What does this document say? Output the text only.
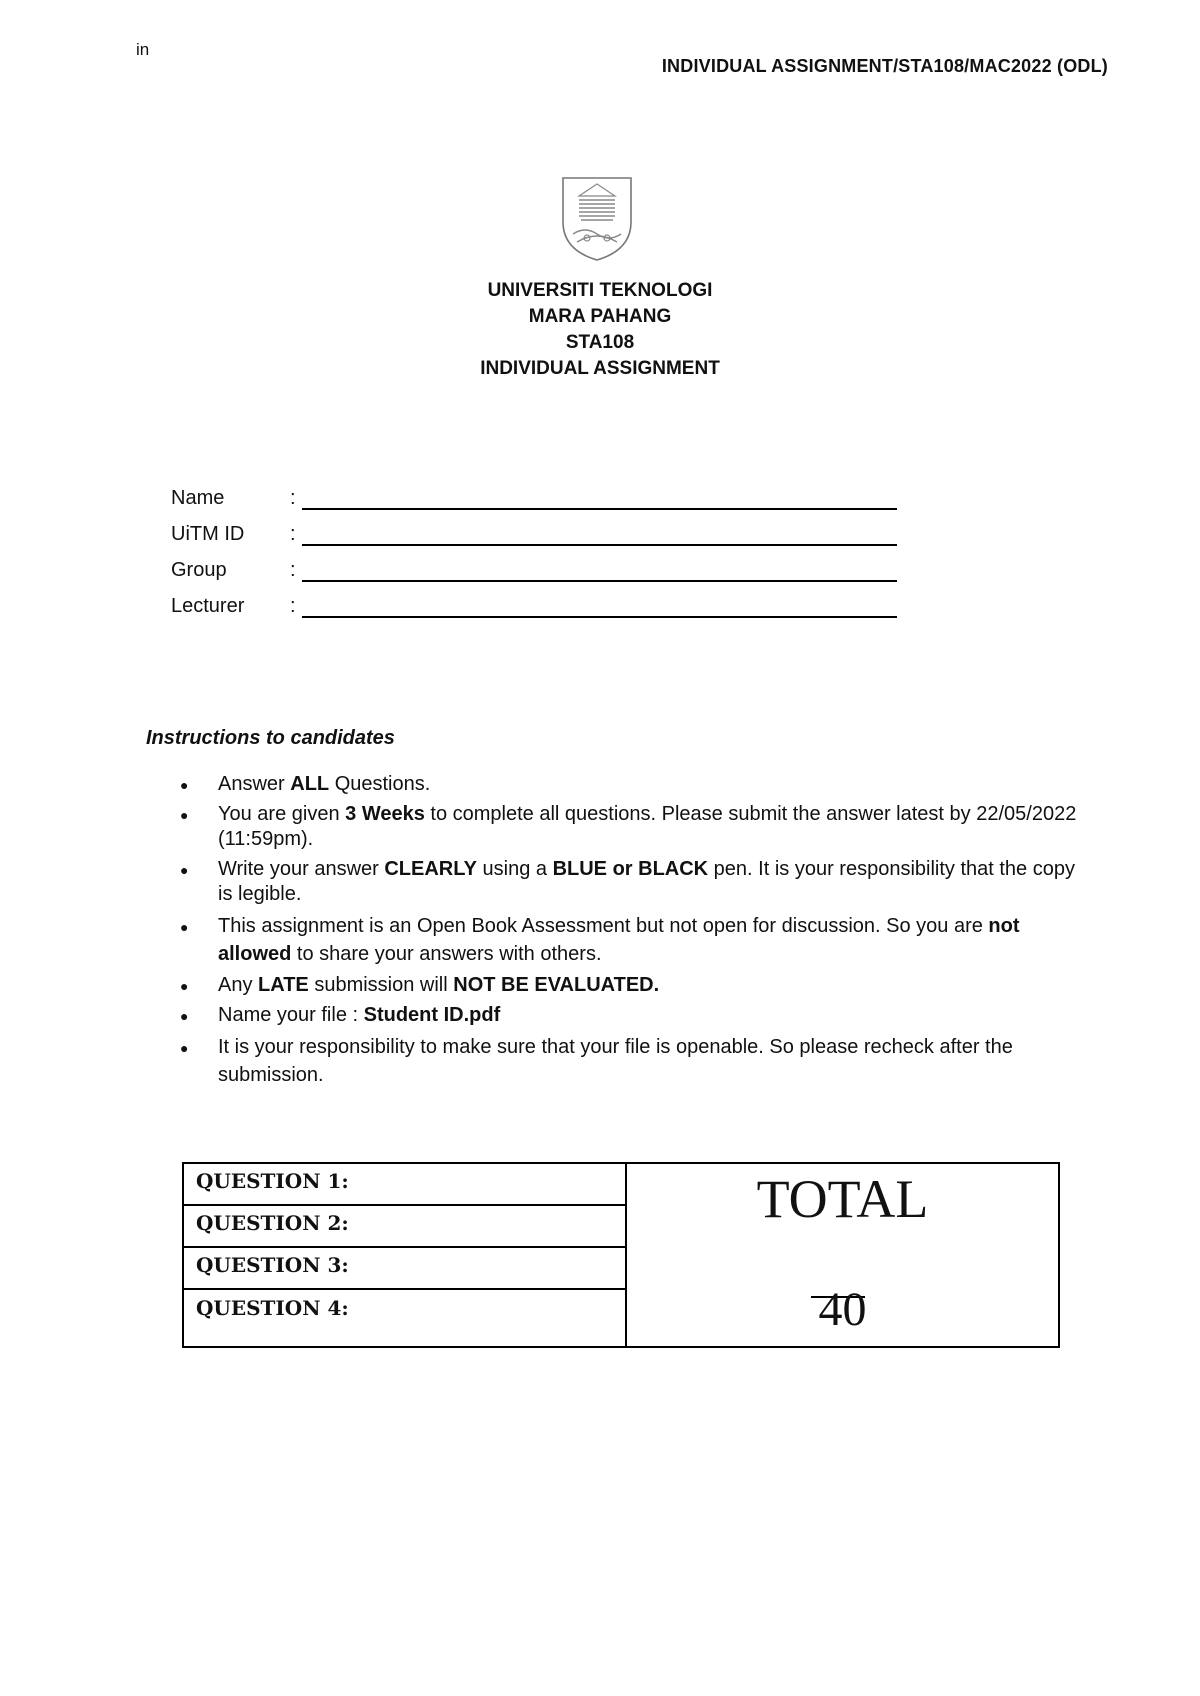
in
INDIVIDUAL ASSIGNMENT/STA108/MAC2022 (ODL)
UNIVERSITI TEKNOLOGI
MARA PAHANG
STA108
INDIVIDUAL ASSIGNMENT
Name	:
UiTM ID :
Group	:
Lecturer :
Instructions to candidates
● Answer ALL Questions.
● You are given 3 Weeks to complete all questions. Please submit the answer latest by 22/05/2022 (11:59pm).
● Write your answer CLEARLY using a BLUE or BLACK pen. It is your responsibility that the copy is legible.
● This assignment is an Open Book Assessment but not open for discussion. So you are not allowed to share your answers with others.
● Any LATE submission will NOT BE EVALUATED.
● Name your file : Student ID.pdf
● It is your responsibility to make sure that your file is openable. So please recheck after the submission.
QUESTION 1:
QUESTION 2:
QUESTION 3:
QUESTION 4:
TOTAL
40
